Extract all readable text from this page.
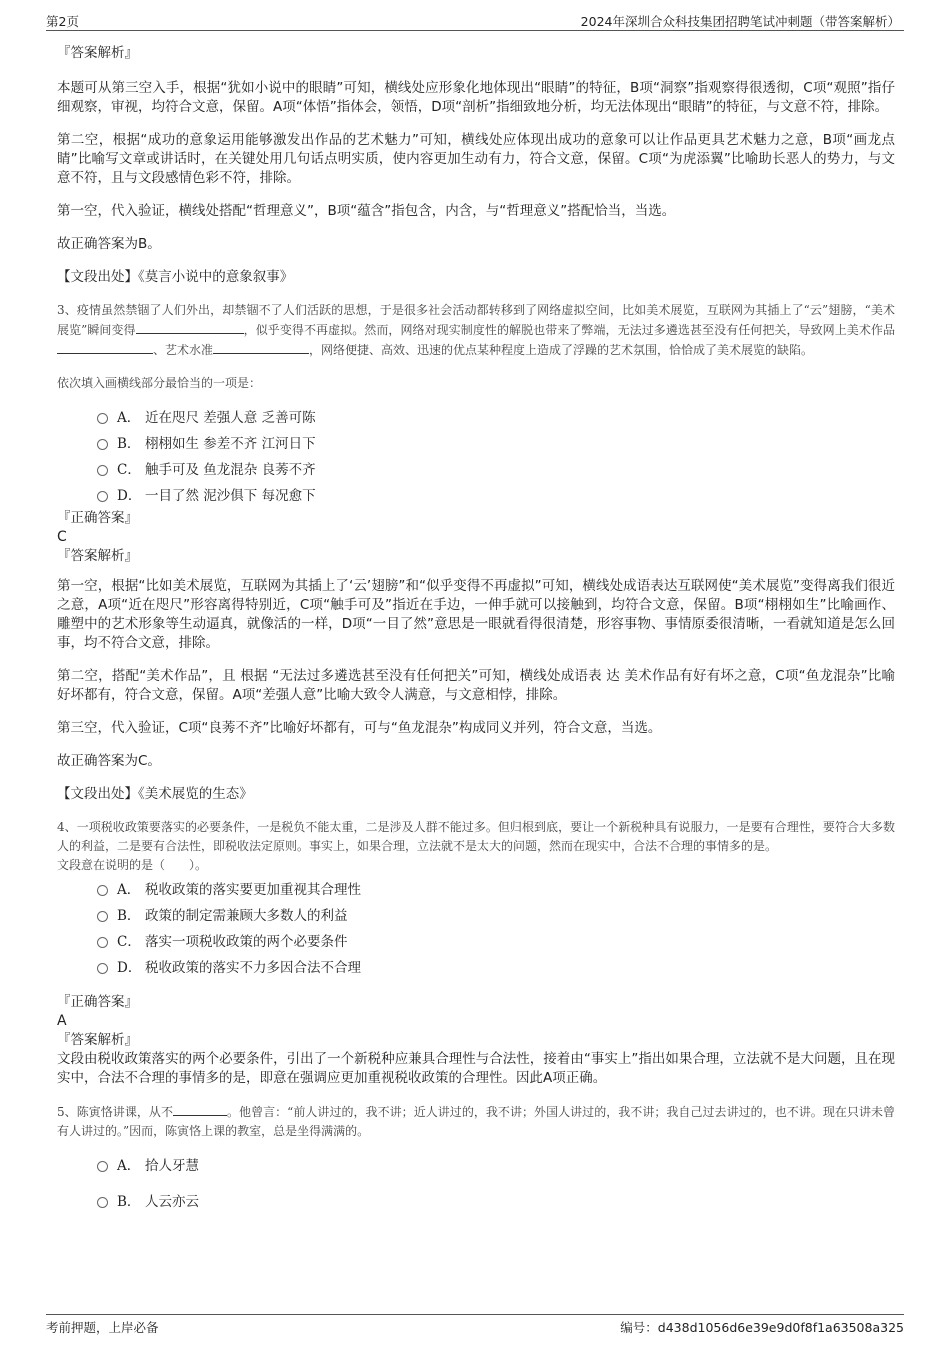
第2页	2024年深圳合众科技集团招聘笔试冲刺题（带答案解析）

『答案解析』

本题可从第三空入手，根据“犹如小说中的眼睛”可知，横线处应形象化地体现出“眼睛”的特征，B项“洞察”指观察得很透彻，C项“观照”指仔细观察，审视，均符合文意，保留。A项“体悟”指体会，领悟，D项“剖析”指细致地分析，均无法体现出“眼睛”的特征，与文意不符，排除。

第二空，根据“成功的意象运用能够激发出作品的艺术魅力”可知，横线处应体现出成功的意象可以让作品更具艺术魅力之意，B项“画龙点睛”比喻写文章或讲话时，在关键处用几句话点明实质，使内容更加生动有力，符合文意，保留。C项“为虎添翼”比喻助长恶人的势力，与文意不符，且与文段感情色彩不符，排除。

第一空，代入验证，横线处搭配“哲理意义”，B项“蕴含”指包含，内含，与“哲理意义”搭配恰当，当选。

故正确答案为B。

【文段出处】《莫言小说中的意象叙事》

3、疫情虽然禁锢了人们外出，却禁锢不了人们活跃的思想，于是很多社会活动都转移到了网络虚拟空间，比如美术展览，互联网为其插上了“云”翅膀，“美术展览”瞬间变得	，似乎变得不再虚拟。然而，网络对现实制度性的解脱也带来了弊端，无法过多遴选甚至没有任何把关，导致网上美术作品、艺术水准	，网络便捷、高效、迅速的优点某种程度上造成了浮躁的艺术氛围，恰恰成了美术展览的缺陷。

依次填入画横线部分最恰当的一项是：

A． 近在咫尺 差强人意 乏善可陈
B． 栩栩如生 参差不齐 江河日下
C． 触手可及 鱼龙混杂 良莠不齐
D． 一目了然 泥沙俱下 每况愈下

『正确答案』

C

『答案解析』

第一空，根据“比如美术展览，互联网为其插上了‘云’翅膀”和“似乎变得不再虚拟”可知，横线处成语表达互联网使“美术展览”变得离我们很近之意，A项“近在咫尺”形容离得特别近，C项“触手可及”指近在手边，一伸手就可以接触到，均符合文意，保留。B项“栩栩如生”比喻画作、雕塑中的艺术形象等生动逼真，就像活的一样，D项“一目了然”意思是一眼就看得很清楚，形容事物、事情原委很清晰，一看就知道是怎么回事，均不符合文意，排除。

第二空，搭配“美术作品”，且 根据 “无法过多遴选甚至没有任何把关”可知，横线处成语表 达 美术作品有好有坏之意，C项“鱼龙混杂”比喻好坏都有，符合文意，保留。A项“差强人意”比喻大致令人满意，与文意相悖，排除。

第三空，代入验证，C项“良莠不齐”比喻好坏都有，可与“鱼龙混杂”构成同义并列，符合文意，当选。

故正确答案为C。

【文段出处】《美术展览的生态》

4、一项税收政策要落实的必要条件，一是税负不能太重，二是涉及人群不能过多。但归根到底，要让一个新税种具有说服力，一是要有合理性，要符合大多数人的利益，二是要有合法性，即税收法定原则。事实上，如果合理，立法就不是太大的问题，然而在现实中，合法不合理的事情多的是。

文段意在说明的是（　　）。

A． 税收政策的落实要更加重视其合理性
B． 政策的制定需兼顾大多数人的利益
C． 落实一项税收政策的两个必要条件
D． 税收政策的落实不力多因合法不合理

『正确答案』

A

『答案解析』

文段由税收政策落实的两个必要条件，引出了一个新税种应兼具合理性与合法性，接着由“事实上”指出如果合理，立法就不是大问题，且在现实中，合法不合理的事情多的是，即意在强调应更加重视税收政策的合理性。因此A项正确。

5、陈寅恪讲课，从不	。他曾言：“前人讲过的，我不讲；近人讲过的，我不讲；外国人讲过的，我不讲；我自己过去讲过的，也不讲。现在只讲未曾有人讲过的。”因而，陈寅恪上课的教室，总是坐得满满的。

A． 拾人牙慧
B． 人云亦云
考前押题，上岸必备	编号：d438d1056d6e39e9d0f8f1a63508a325
